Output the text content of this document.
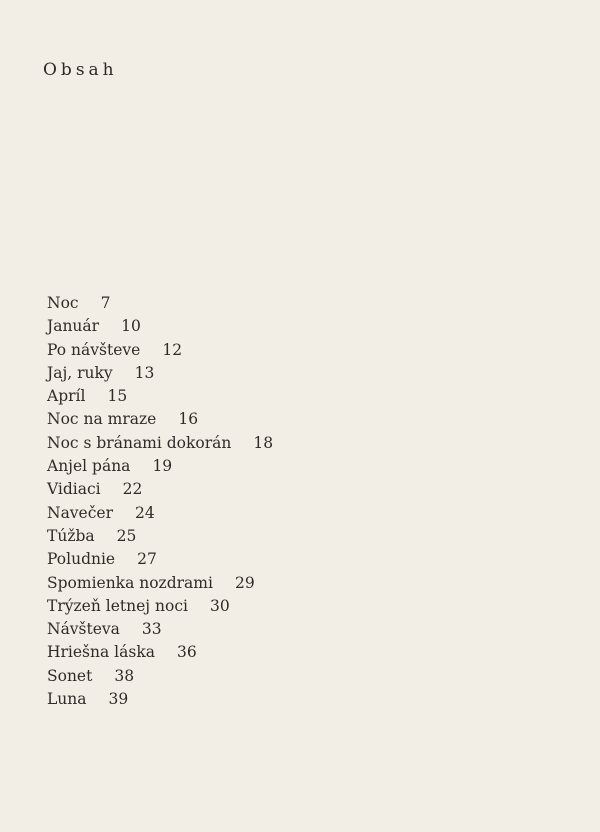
Obsah
Noc 7
Január 10
Po návšteve 12
Jaj, ruky 13
Apríl 15
Noc na mraze 16
Noc s bránami dokorán 18
Anjel pána 19
Vidiaci 22
Navečer 24
Túžba 25
Poludnie 27
Spomienka nozdrami 29
Trýzeň letnej noci 30
Návšteva 33
Hriešna láska 36
Sonet 38
Luna 39
